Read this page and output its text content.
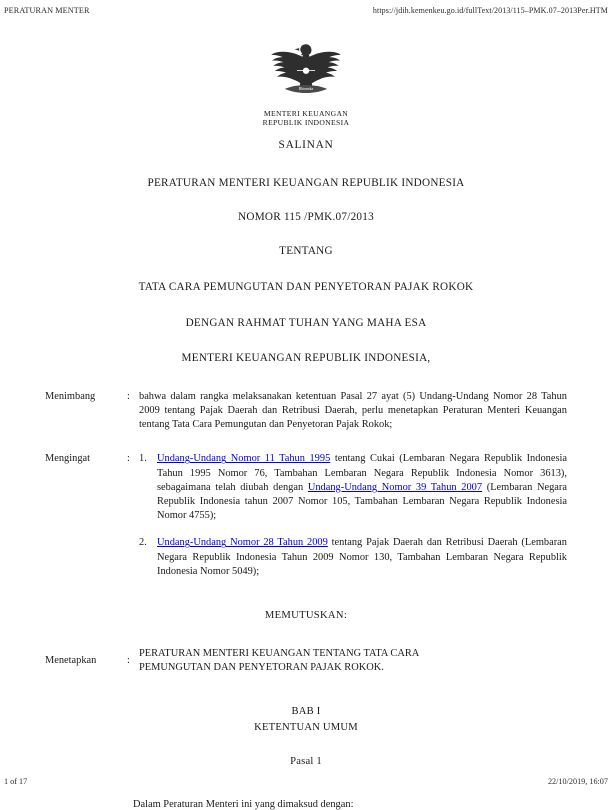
PERATURAN MENTER	https://jdih.kemenkeu.go.id/fullText/2013/115–PMK.07–2013Per.HTM
Bhinneka
MENTERI KEUANGAN
REPUBLIK INDONESIA
SALINAN
PERATURAN MENTERI KEUANGAN REPUBLIK INDONESIA
NOMOR 115 /PMK.07/2013
TENTANG
TATA CARA PEMUNGUTAN DAN PENYETORAN PAJAK ROKOK
DENGAN RAHMAT TUHAN YANG MAHA ESA
MENTERI KEUANGAN REPUBLIK INDONESIA,
Menimbang	: bahwa dalam rangka melaksanakan ketentuan Pasal 27 ayat (5) Undang-Undang Nomor 28 Tahun 2009 tentang Pajak Daerah dan Retribusi Daerah, perlu menetapkan Peraturan Menteri Keuangan tentang Tata Cara Pemungutan dan Penyetoran Pajak Rokok;
Mengingat	: 1. Undang-Undang Nomor 11 Tahun 1995 tentang Cukai (Lembaran Negara Republik Indonesia Tahun 1995 Nomor 76, Tambahan Lembaran Negara Republik Indonesia Nomor 3613), sebagaimana telah diubah dengan Undang-Undang Nomor 39 Tahun 2007 (Lembaran Negara Republik Indonesia tahun 2007 Nomor 105, Tambahan Lembaran Negara Republik Indonesia Nomor 4755);
2. Undang-Undang Nomor 28 Tahun 2009 tentang Pajak Daerah dan Retribusi Daerah (Lembaran Negara Republik Indonesia Tahun 2009 Nomor 130, Tambahan Lembaran Negara Republik Indonesia Nomor 5049);
MEMUTUSKAN:
Menetapkan	:
PERATURAN MENTERI KEUANGAN TENTANG TATA CARA
PEMUNGUTAN DAN PENYETORAN PAJAK ROKOK.
BAB I
KETENTUAN UMUM
Pasal 1
Dalam Peraturan Menteri ini yang dimaksud dengan:
1 of 17	22/10/2019, 16:07
